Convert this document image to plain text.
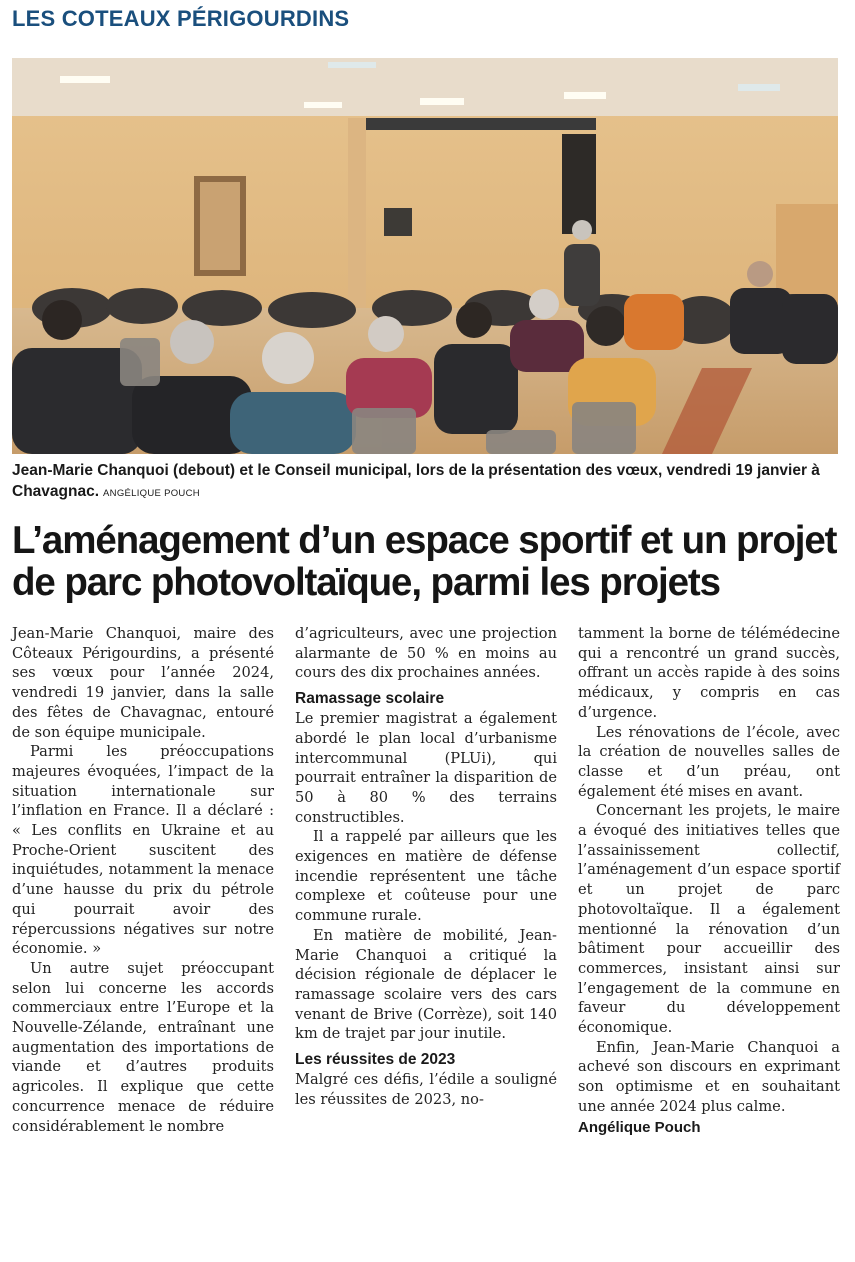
LES COTEAUX PÉRIGOURDINS
Jean-Marie Chanquoi (debout) et le Conseil municipal, lors de la présentation des vœux, vendredi 19 janvier à Chavagnac. ANGÉLIQUE POUCH
L’aménagement d’un espace sportif et un projet de parc photovoltaïque, parmi les projets

Jean-Marie Chanquoi, maire des Côteaux Périgourdins, a présenté ses vœux pour l’année 2024, vendredi 19 janvier, dans la salle des fêtes de Chavagnac, entouré de son équipe municipale.

Parmi les préoccupations majeures évoquées, l’impact de la situation internationale sur l’inflation en France. Il a déclaré : « Les conflits en Ukraine et au Proche-Orient suscitent des inquiétudes, notamment la menace d’une hausse du prix du pétrole qui pourrait avoir des répercussions négatives sur notre économie. »

Un autre sujet préoccupant selon lui concerne les accords commerciaux entre l’Europe et la Nouvelle-Zélande, entraînant une augmentation des importations de viande et d’autres produits agricoles. Il explique que cette concurrence menace de réduire considérablement le nombre

d’agriculteurs, avec une projection alarmante de 50 % en moins au cours des dix prochaines années.

Ramassage scolaire

Le premier magistrat a également abordé le plan local d’urbanisme intercommunal (PLUi), qui pourrait entraîner la disparition de 50 à 80 % des terrains constructibles.

Il a rappelé par ailleurs que les exigences en matière de défense incendie représentent une tâche complexe et coûteuse pour une commune rurale.

En matière de mobilité, Jean-Marie Chanquoi a critiqué la décision régionale de déplacer le ramassage scolaire vers des cars venant de Brive (Corrèze), soit 140 km de trajet par jour inutile.

Les réussites de 2023

Malgré ces défis, l’édile a souligné les réussites de 2023, no-

tamment la borne de télémédecine qui a rencontré un grand succès, offrant un accès rapide à des soins médicaux, y compris en cas d’urgence.

Les rénovations de l’école, avec la création de nouvelles salles de classe et d’un préau, ont également été mises en avant.

Concernant les projets, le maire a évoqué des initiatives telles que l’assainissement collectif, l’aménagement d’un espace sportif et un projet de parc photovoltaïque. Il a également mentionné la rénovation d’un bâtiment pour accueillir des commerces, insistant ainsi sur l’engagement de la commune en faveur du développement économique.

Enfin, Jean-Marie Chanquoi a achevé son discours en exprimant son optimisme et en souhaitant une année 2024 plus calme.

Angélique Pouch
